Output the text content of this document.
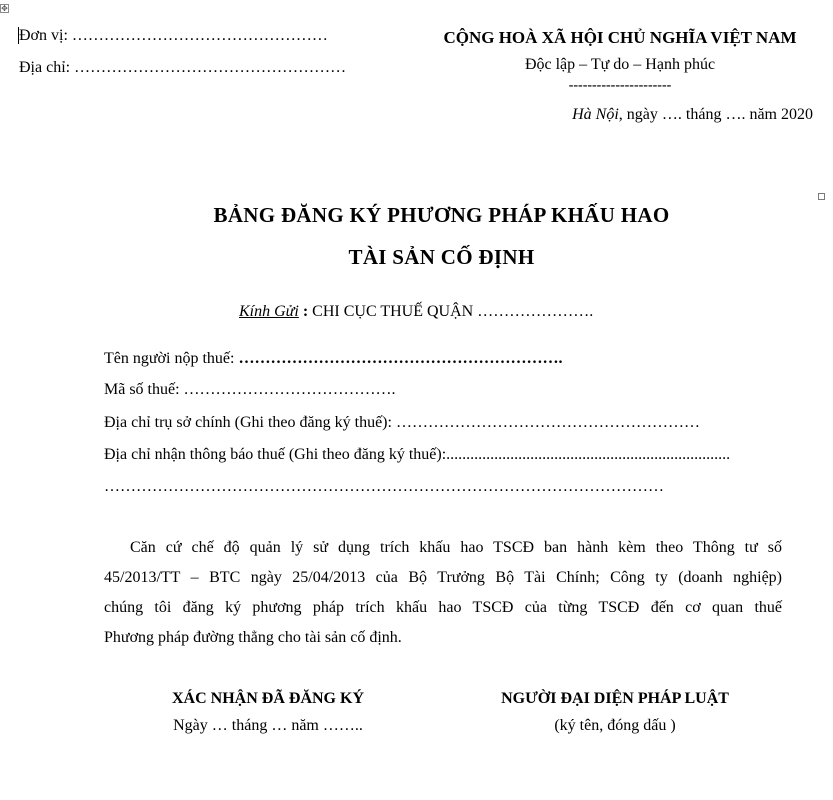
✥
Đơn vị: …………………………………………
Địa chỉ: ……………………………………………
CỘNG HOÀ XÃ HỘI CHỦ NGHĨA VIỆT NAM
Độc lập – Tự do – Hạnh phúc
----------------------
Hà Nội, ngày …. tháng …. năm 2020
BẢNG ĐĂNG KÝ PHƯƠNG PHÁP KHẤU HAO
TÀI SẢN CỐ ĐỊNH
Kính Gửi : CHI CỤC THUẾ QUẬN ………………….
Tên người nộp thuế: …………………………………………………….
Mã số thuế: ………………………………….
Địa chỉ trụ sở chính (Ghi theo đăng ký thuế): …………………………………………………
Địa chỉ nhận thông báo thuế (Ghi theo đăng ký thuế):.......................................................................
……………………………………………………………………………………………
Căn cứ chế độ quản lý sử dụng trích khấu hao TSCĐ ban hành kèm theo Thông tư số
45/2013/TT – BTC ngày 25/04/2013 của Bộ Trưởng Bộ Tài Chính; Công ty (doanh nghiệp)
chúng tôi đăng ký phương pháp trích khấu hao TSCĐ của từng TSCĐ đến cơ quan thuế
Phương pháp đường thẳng cho tài sản cố định.
XÁC NHẬN ĐÃ ĐĂNG KÝ
Ngày … tháng … năm ……..
NGƯỜI ĐẠI DIỆN PHÁP LUẬT
(ký tên, đóng dấu )
